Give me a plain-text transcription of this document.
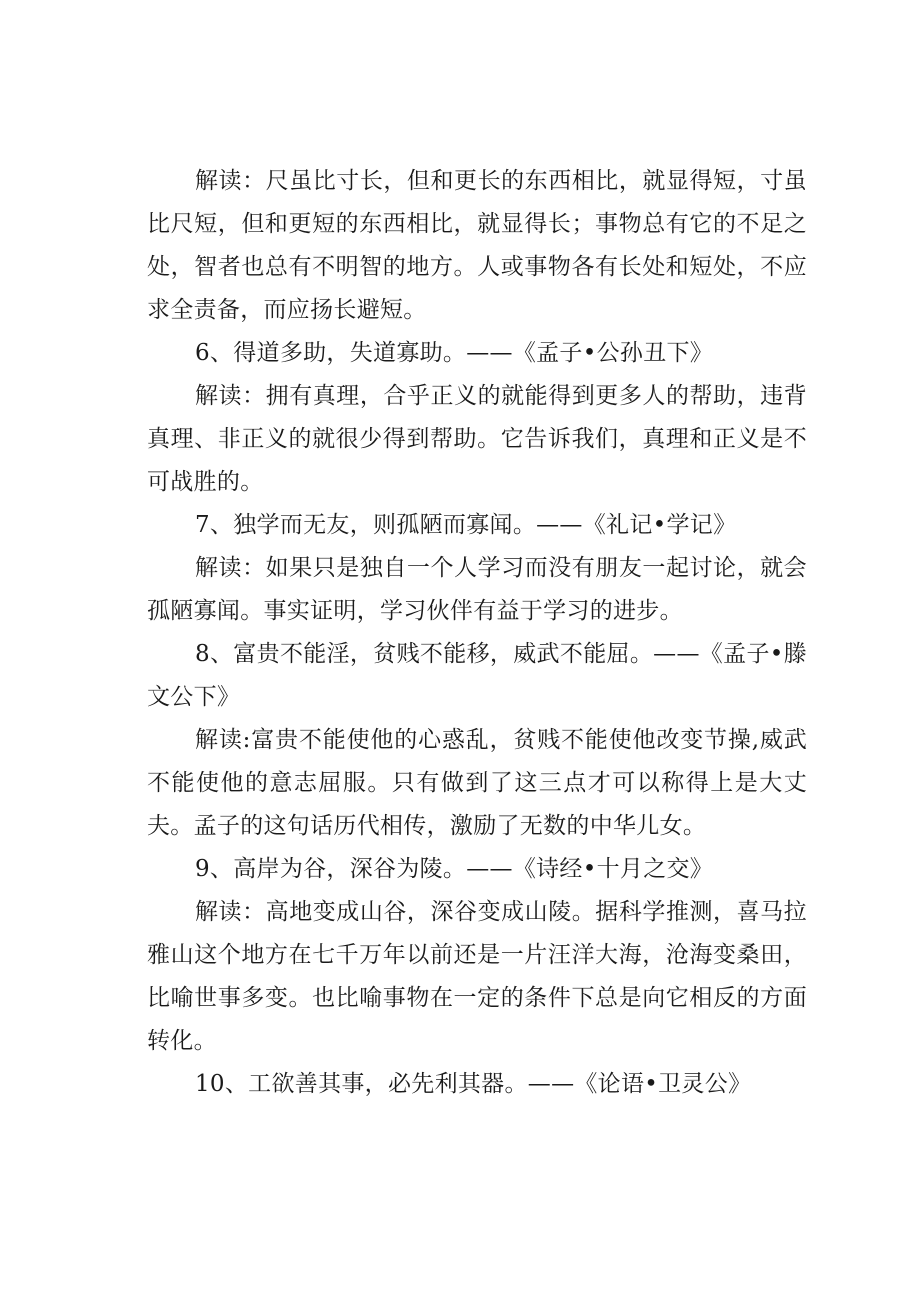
解读：尺虽比寸长，但和更长的东西相比，就显得短，寸虽比尺短，但和更短的东西相比，就显得长；事物总有它的不足之处，智者也总有不明智的地方。人或事物各有长处和短处，不应求全责备，而应扬长避短。

6、得道多助，失道寡助。——《孟子•公孙丑下》

解读：拥有真理，合乎正义的就能得到更多人的帮助，违背真理、非正义的就很少得到帮助。它告诉我们，真理和正义是不可战胜的。

7、独学而无友，则孤陋而寡闻。——《礼记•学记》

解读：如果只是独自一个人学习而没有朋友一起讨论，就会孤陋寡闻。事实证明，学习伙伴有益于学习的进步。

8、富贵不能淫，贫贱不能移，威武不能屈。——《孟子•滕文公下》

解读:富贵不能使他的心惑乱，贫贱不能使他改变节操,威武不能使他的意志屈服。只有做到了这三点才可以称得上是大丈夫。孟子的这句话历代相传，激励了无数的中华儿女。

9、高岸为谷，深谷为陵。——《诗经•十月之交》

解读：高地变成山谷，深谷变成山陵。据科学推测，喜马拉雅山这个地方在七千万年以前还是一片汪洋大海，沧海变桑田，比喻世事多变。也比喻事物在一定的条件下总是向它相反的方面转化。

10、工欲善其事，必先利其器。——《论语•卫灵公》
